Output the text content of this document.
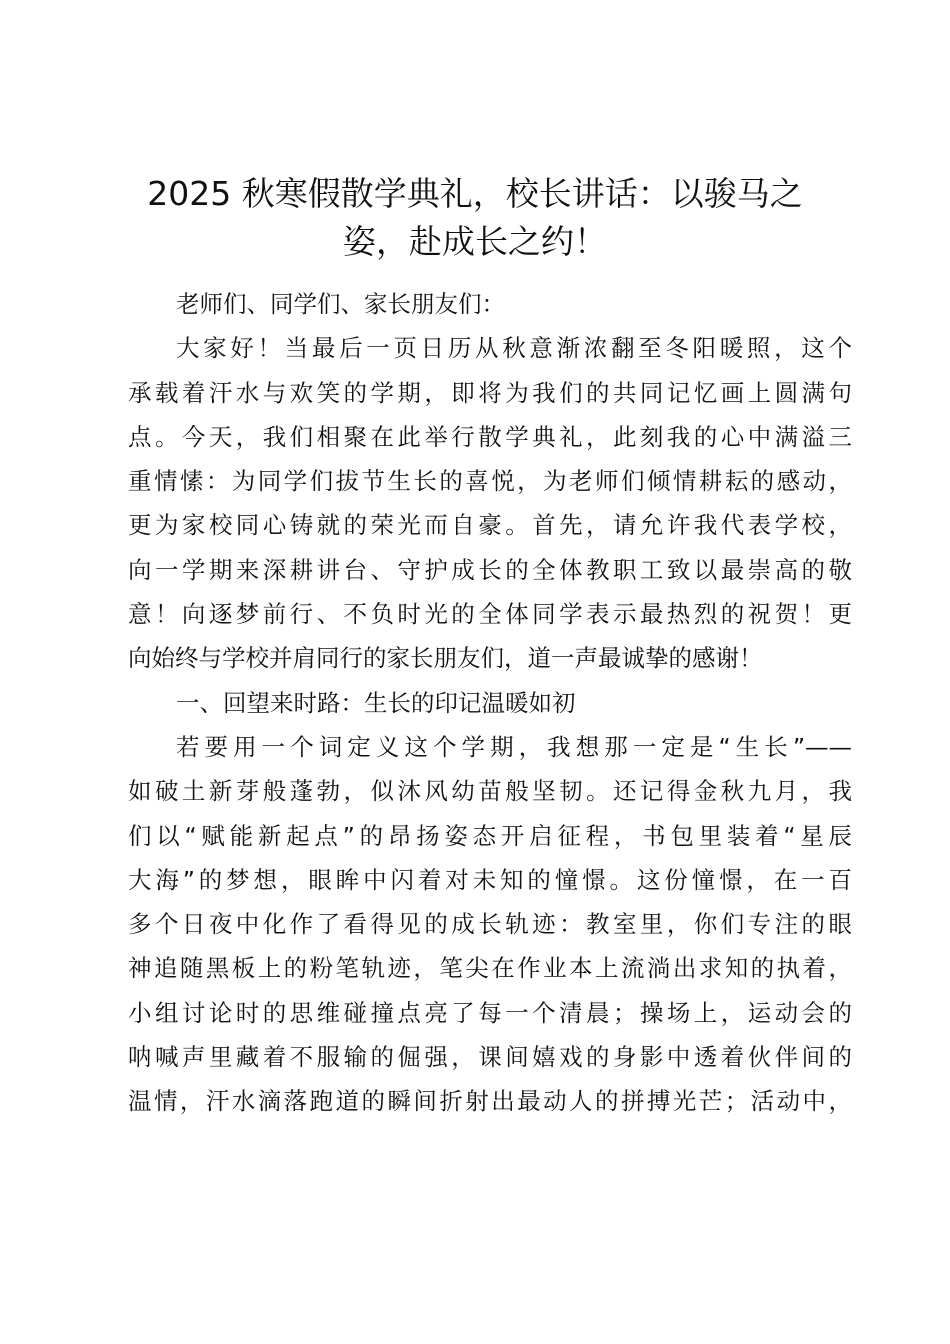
2025 秋寒假散学典礼，校长讲话：以骏马之
姿，赴成长之约！
老师们、同学们、家长朋友们：
大家好！当最后一页日历从秋意渐浓翻至冬阳暖照，这个
承载着汗水与欢笑的学期，即将为我们的共同记忆画上圆满句
点。今天，我们相聚在此举行散学典礼，此刻我的心中满溢三
重情愫：为同学们拔节生长的喜悦，为老师们倾情耕耘的感动，
更为家校同心铸就的荣光而自豪。首先，请允许我代表学校，
向一学期来深耕讲台、守护成长的全体教职工致以最崇高的敬
意！向逐梦前行、不负时光的全体同学表示最热烈的祝贺！更
向始终与学校并肩同行的家长朋友们，道一声最诚挚的感谢！
一、回望来时路：生长的印记温暖如初
若要用一个词定义这个学期，我想那一定是“生长”——
如破土新芽般蓬勃，似沐风幼苗般坚韧。还记得金秋九月，我
们以“赋能新起点”的昂扬姿态开启征程，书包里装着“星辰
大海”的梦想，眼眸中闪着对未知的憧憬。这份憧憬，在一百
多个日夜中化作了看得见的成长轨迹：教室里，你们专注的眼
神追随黑板上的粉笔轨迹，笔尖在作业本上流淌出求知的执着，
小组讨论时的思维碰撞点亮了每一个清晨；操场上，运动会的
呐喊声里藏着不服输的倔强，课间嬉戏的身影中透着伙伴间的
温情，汗水滴落跑道的瞬间折射出最动人的拼搏光芒；活动中，
